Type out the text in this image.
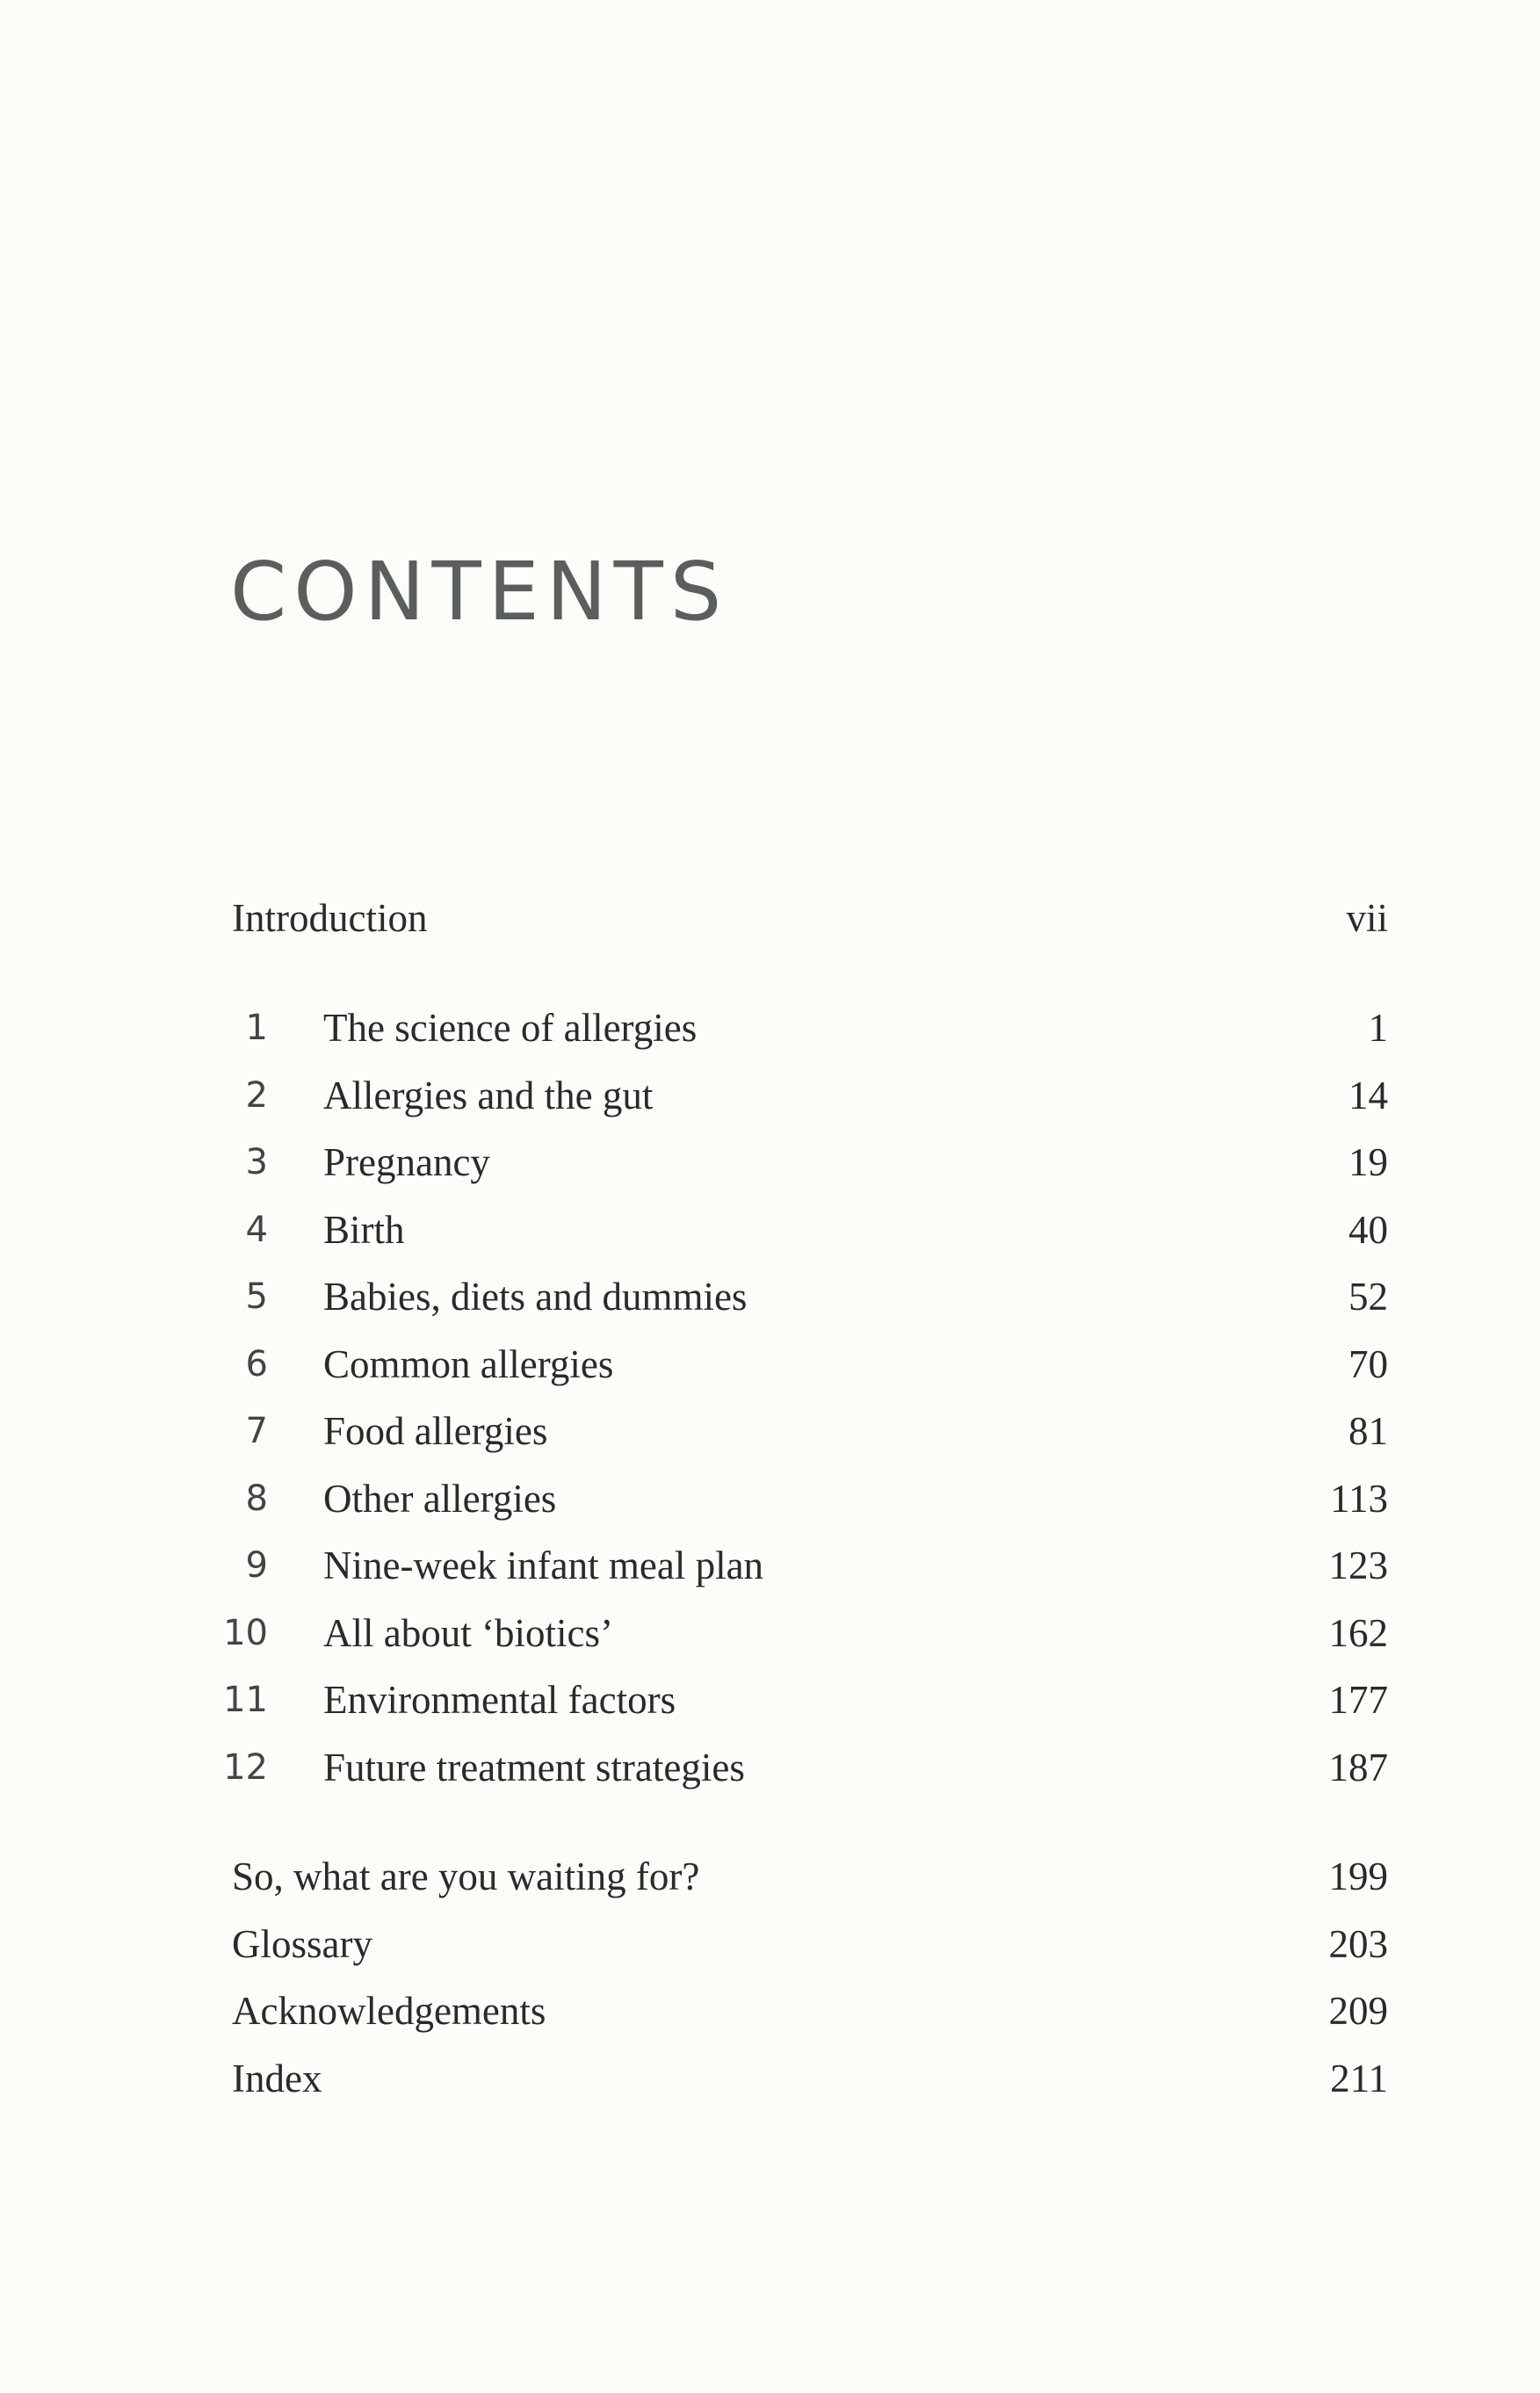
CONTENTS
Introduction	vii
1 The science of allergies	1
2 Allergies and the gut	14
3 Pregnancy	19
4 Birth	40
5 Babies, diets and dummies	52
6 Common allergies	70
7 Food allergies	81
8 Other allergies	113
9 Nine-week infant meal plan	123
10 All about ‘biotics’	162
11 Environmental factors	177
12 Future treatment strategies	187
So, what are you waiting for?	199
Glossary	203
Acknowledgements	209
Index	211
